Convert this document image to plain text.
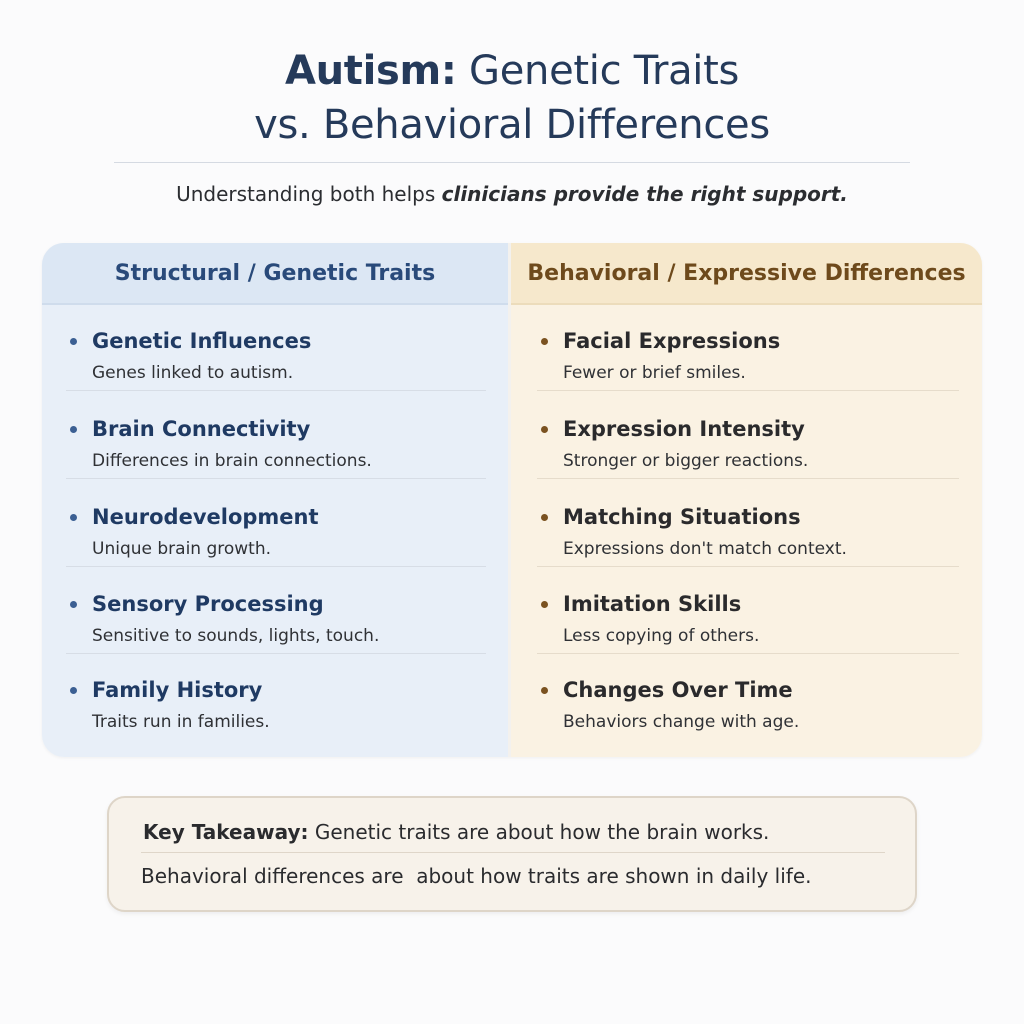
Autism: Genetic Traits
vs. Behavioral Differences
Understanding both helps clinicians provide the right support.
Structural / Genetic Traits
Genetic Influences
Genes linked to autism.
Brain Connectivity
Differences in brain connections.
Neurodevelopment
Unique brain growth.
Sensory Processing
Sensitive to sounds, lights, touch.
Family History
Traits run in families.
Behavioral / Expressive Differences
Facial Expressions
Fewer or brief smiles.
Expression Intensity
Stronger or bigger reactions.
Matching Situations
Expressions don't match context.
Imitation Skills
Less copying of others.
Changes Over Time
Behaviors change with age.
Key Takeaway: Genetic traits are about how the brain works.
Behavioral differences are  about how traits are shown in daily life.
